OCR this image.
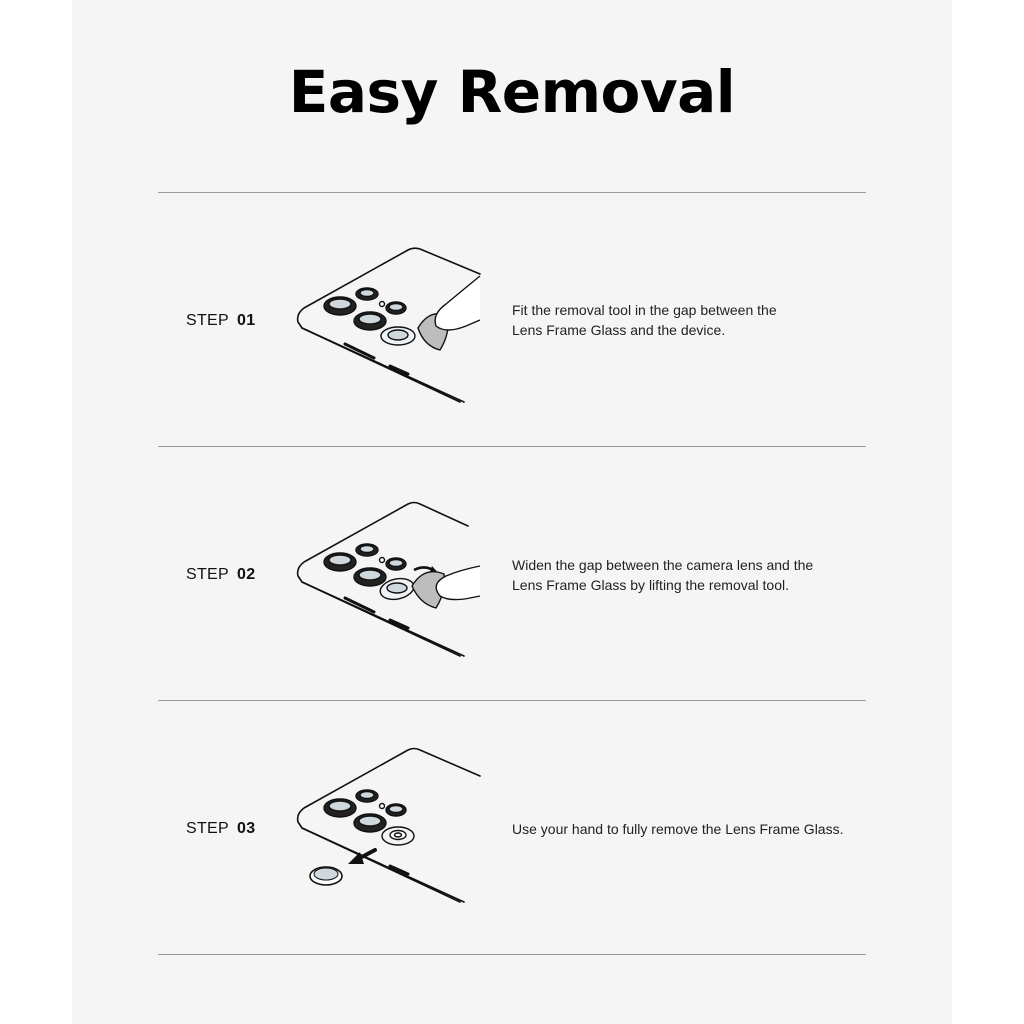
Easy Removal
STEP 01
Fit the removal tool in the gap between the
Lens Frame Glass and the device.
STEP 02
Widen the gap between the camera lens and the
Lens Frame Glass by lifting the removal tool.
STEP 03	Use your hand to fully remove the Lens Frame Glass.
